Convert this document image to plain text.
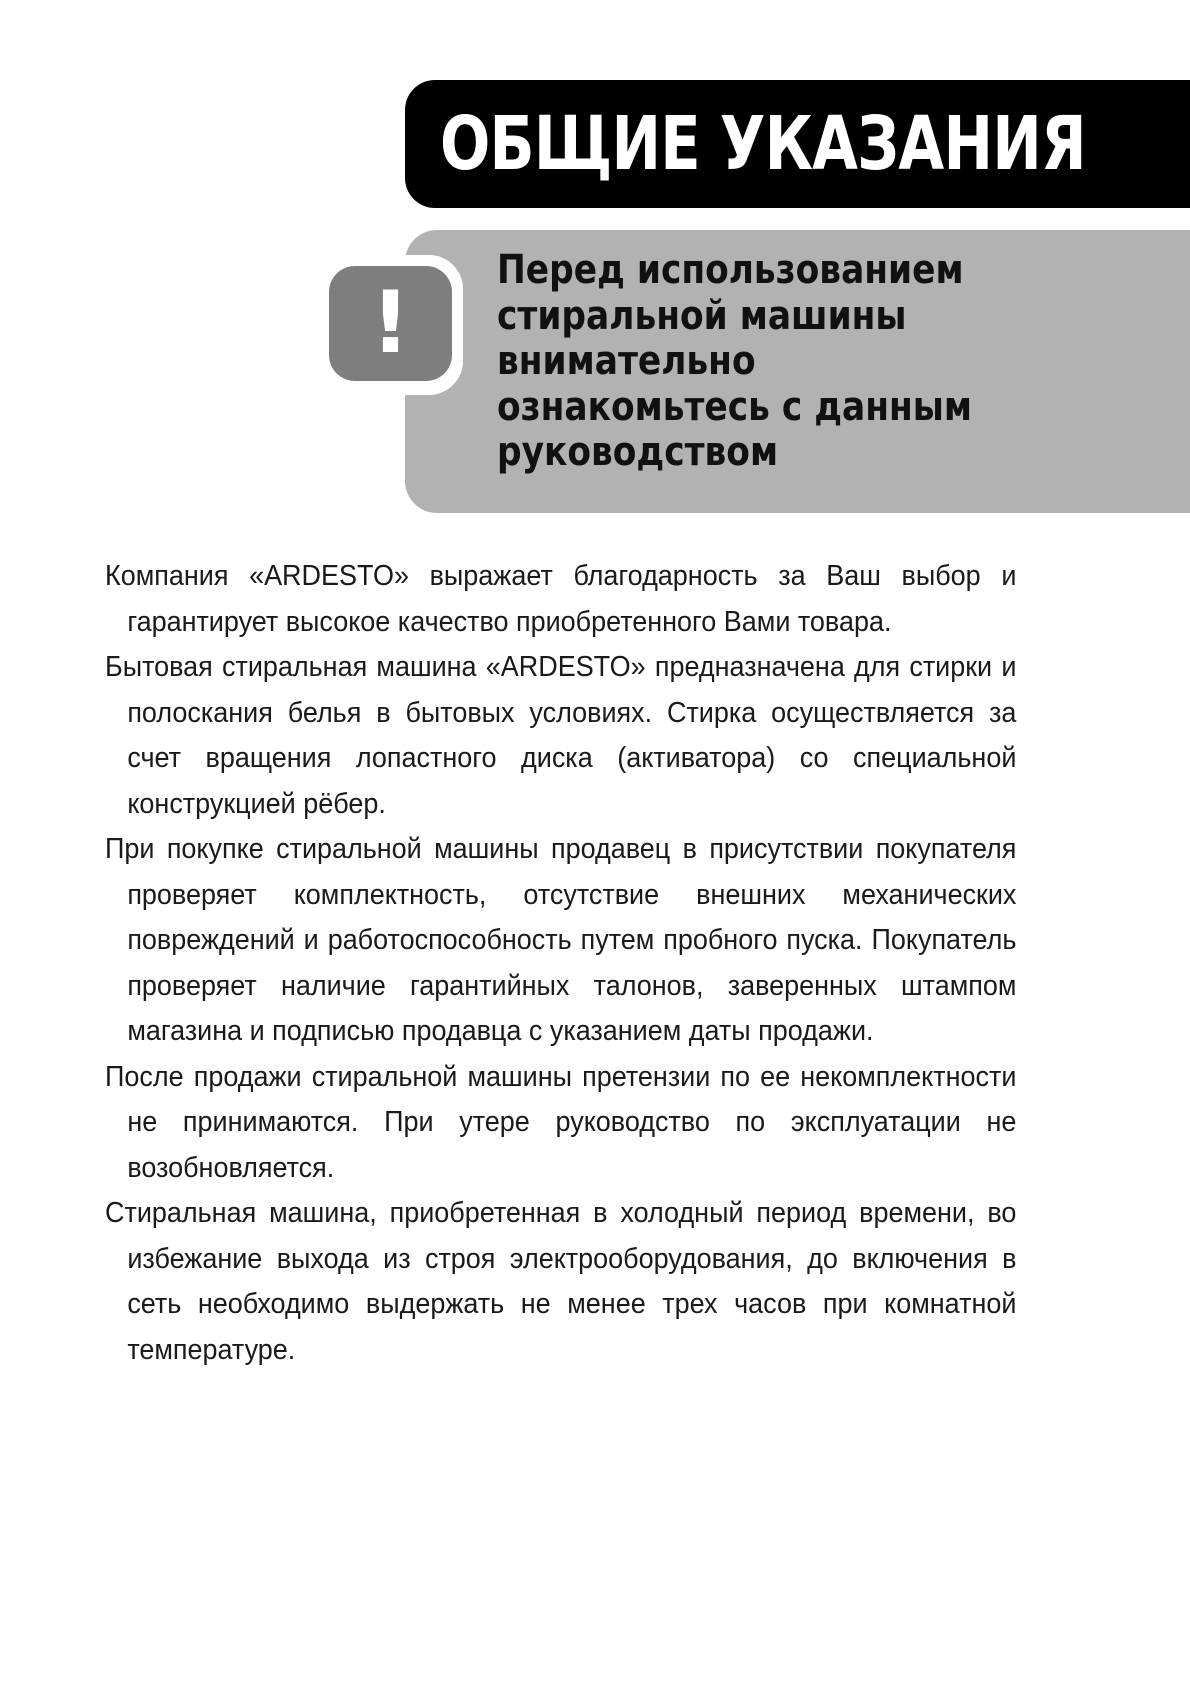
ОБЩИЕ УКАЗАНИЯ
!
Перед использованием
стиральной машины
внимательно
ознакомьтесь с данным
руководством

Компания «ARDESTO» выражает благодарность за Ваш выбор и гарантирует высокое качество приобретенного Вами товара.

Бытовая стиральная машина «ARDESTO» предназначена для стирки и полоскания белья в бытовых условиях. Стирка осуществляется за счет вращения лопастного диска (активатора) со специальной конструкцией рёбер.

При покупке стиральной машины продавец в присутствии покупателя проверяет комплектность, отсутствие внешних механических повреждений и работоспособность путем пробного пуска. Покупатель проверяет наличие гарантийных талонов, заверенных штампом магазина и подписью продавца с указанием даты продажи.

После продажи стиральной машины претензии по ее некомплектности не принимаются. При утере руководство по эксплуатации не возобновляется.

Стиральная машина, приобретенная в холодный период времени, во избежание выхода из строя электрооборудования, до включения в сеть необходимо выдержать не менее трех часов при комнатной температуре.
